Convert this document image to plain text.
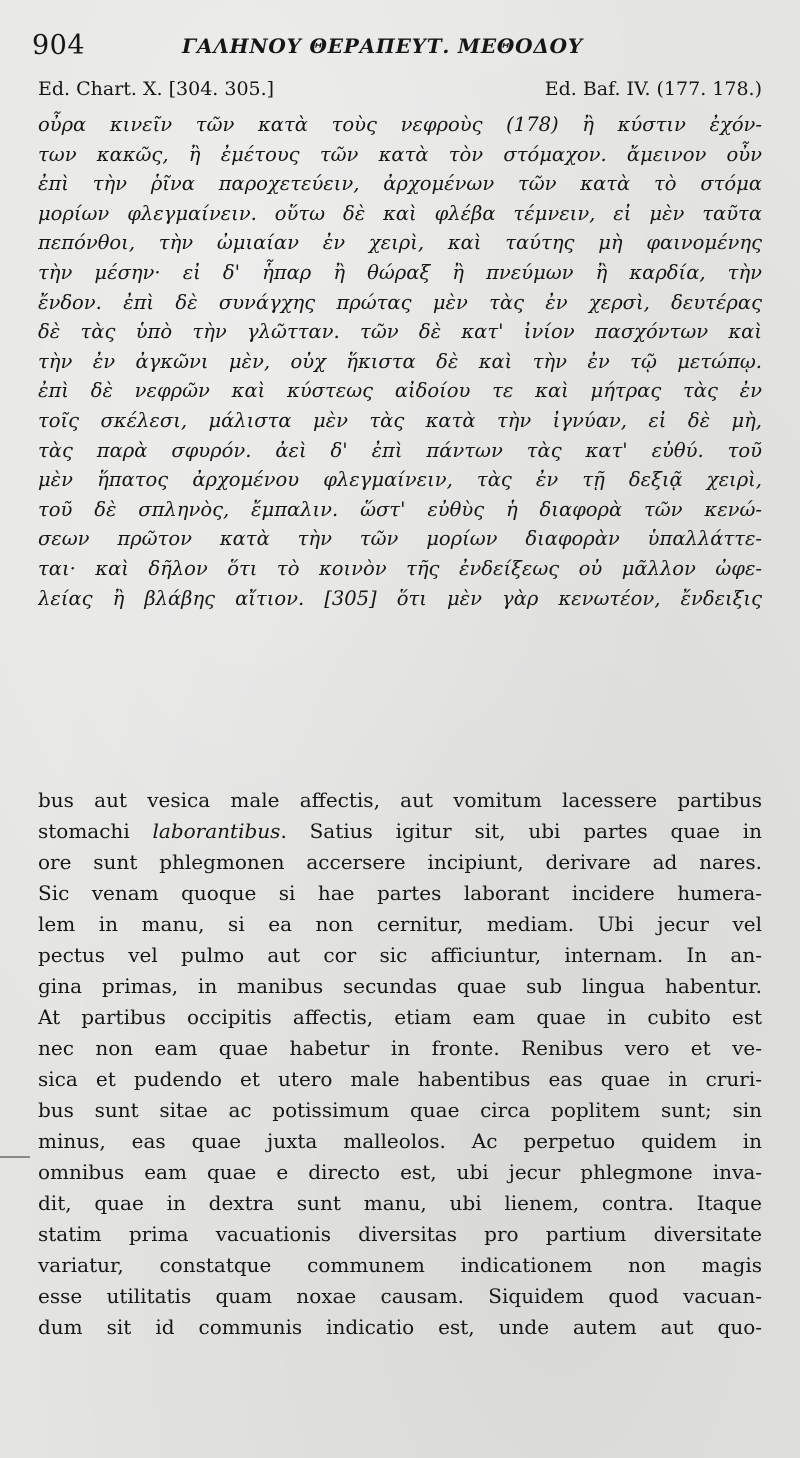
904	ΓΑΛΗΝΟΥ ΘΕΡΑΠΕΥΤ. ΜΕΘΟΔΟΥ
Ed. Chart. X. [304. 305.]	Ed. Baf. IV. (177. 178.)
οὖρα κινεῖν τῶν κατὰ τοὺς νεφροὺς (178) ἢ κύστιν ἐχόν-
των κακῶς, ἢ ἐμέτους τῶν κατὰ τὸν στόμαχον. ἄμεινον οὖν
ἐπὶ τὴν ῥῖνα παροχετεύειν, ἀρχομένων τῶν κατὰ τὸ στόμα
μορίων φλεγμαίνειν. οὕτω δὲ καὶ φλέβα τέμνειν, εἰ μὲν ταῦτα
πεπόνθοι, τὴν ὠμιαίαν ἐν χειρὶ, καὶ ταύτης μὴ φαινομένης
τὴν μέσην· εἰ δ' ἧπαρ ἢ θώραξ ἢ πνεύμων ἢ καρδία, τὴν
ἔνδον. ἐπὶ δὲ συνάγχης πρώτας μὲν τὰς ἐν χερσὶ, δευτέρας
δὲ τὰς ὑπὸ τὴν γλῶτταν. τῶν δὲ κατ' ἰνίον πασχόντων καὶ
τὴν ἐν ἀγκῶνι μὲν, οὐχ ἥκιστα δὲ καὶ τὴν ἐν τῷ μετώπῳ.
ἐπὶ δὲ νεφρῶν καὶ κύστεως αἰδοίου τε καὶ μήτρας τὰς ἐν
τοῖς σκέλεσι, μάλιστα μὲν τὰς κατὰ τὴν ἰγνύαν, εἰ δὲ μὴ,
τὰς παρὰ σφυρόν. ἀεὶ δ' ἐπὶ πάντων τὰς κατ' εὐθύ. τοῦ
μὲν ἥπατος ἀρχομένου φλεγμαίνειν, τὰς ἐν τῇ δεξιᾷ χειρὶ,
τοῦ δὲ σπληνὸς, ἔμπαλιν. ὥστ' εὐθὺς ἡ διαφορὰ τῶν κενώ-
σεων πρῶτον κατὰ τὴν τῶν μορίων διαφορὰν ὑπαλλάττε-
ται· καὶ δῆλον ὅτι τὸ κοινὸν τῆς ἐνδείξεως οὐ μᾶλλον ὠφε-
λείας ἢ βλάβης αἴτιον. [305] ὅτι μὲν γὰρ κενωτέον, ἔνδειξις
bus aut vesica male affectis, aut vomitum lacessere partibus
stomachi laborantibus. Satius igitur sit, ubi partes quae in
ore sunt phlegmonen accersere incipiunt, derivare ad nares.
Sic venam quoque si hae partes laborant incidere humera-
lem in manu, si ea non cernitur, mediam. Ubi jecur vel
pectus vel pulmo aut cor sic afficiuntur, internam. In an-
gina primas, in manibus secundas quae sub lingua habentur.
At partibus occipitis affectis, etiam eam quae in cubito est
nec non eam quae habetur in fronte. Renibus vero et ve-
sica et pudendo et utero male habentibus eas quae in cruri-
bus sunt sitae ac potissimum quae circa poplitem sunt; sin
minus, eas quae juxta malleolos. Ac perpetuo quidem in
omnibus eam quae e directo est, ubi jecur phlegmone inva-
dit, quae in dextra sunt manu, ubi lienem, contra. Itaque
statim prima vacuationis diversitas pro partium diversitate
variatur, constatque communem indicationem non magis
esse utilitatis quam noxae causam. Siquidem quod vacuan-
dum sit id communis indicatio est, unde autem aut quo-
